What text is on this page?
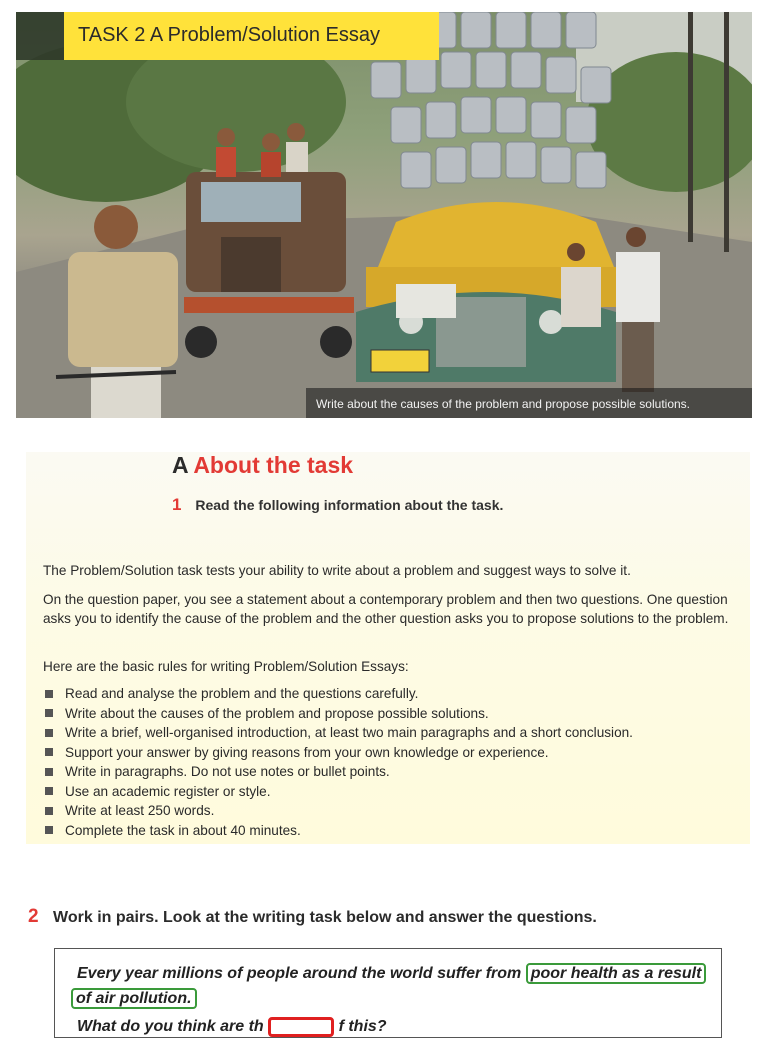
Write about the causes of the problem and propose possible solutions.
TASK 2 A Problem/Solution Essay
A About the task
1 Read the following information about the task.
The Problem/Solution task tests your ability to write about a problem and suggest ways to solve it.
On the question paper, you see a statement about a contemporary problem and then two questions. One question asks you to identify the cause of the problem and the other question asks you to propose solutions to the problem.
Here are the basic rules for writing Problem/Solution Essays:
Read and analyse the problem and the questions carefully.
Write about the causes of the problem and propose possible solutions.
Write a brief, well-organised introduction, at least two main paragraphs and a short conclusion.
Support your answer by giving reasons from your own knowledge or experience.
Write in paragraphs. Do not use notes or bullet points.
Use an academic register or style.
Write at least 250 words.
Complete the task in about 40 minutes.
2 Work in pairs. Look at the writing task below and answer the questions.
Every year millions of people around the world suffer from poor health as a result
of air pollution.
What do you think are th	f this?
